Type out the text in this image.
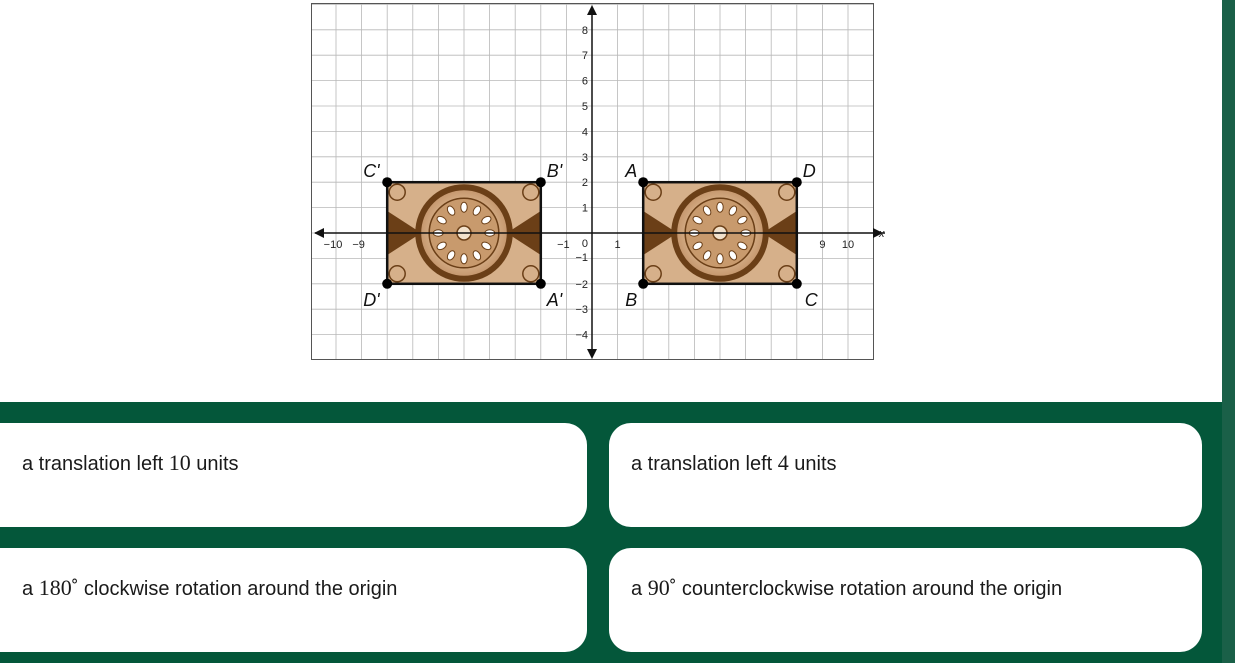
x
−10 −9	−1	1	9 10
8
7
6
5
4
3
2
1
0
−1
−2
−3
−4
A
B	C
D
A'
B'
C'
D'
a translation left 10 units	a translation left 4 units
a 180˚ clockwise rotation around the origin	a 90˚ counterclockwise rotation around the origin
